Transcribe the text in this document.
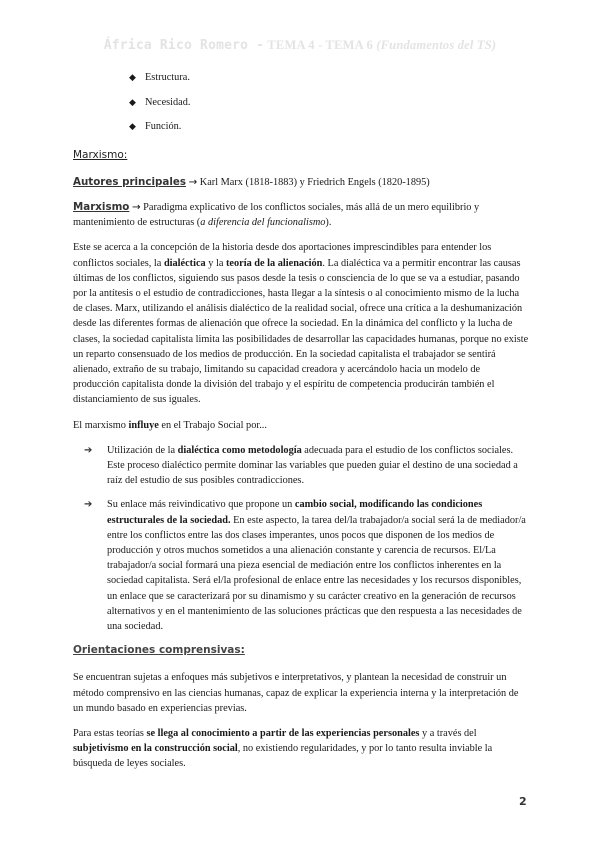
África Rico Romero - TEMA 4 - TEMA 6 (Fundamentos del TS)
◆ Estructura.
◆ Necesidad.
◆ Función.
Marxismo:
Autores principales → Karl Marx (1818-1883) y Friedrich Engels (1820-1895)

Marxismo → Paradigma explicativo de los conflictos sociales, más allá de un mero equilibrio y mantenimiento de estructuras (a diferencia del funcionalismo).

Este se acerca a la concepción de la historia desde dos aportaciones imprescindibles para entender los conflictos sociales, la dialéctica y la teoría de la alienación. La dialéctica va a permitir encontrar las causas últimas de los conflictos, siguiendo sus pasos desde la tesis o consciencia de lo que se va a estudiar, pasando por la antítesis o el estudio de contradicciones, hasta llegar a la síntesis o al conocimiento mismo de la lucha de clases. Marx, utilizando el análisis dialéctico de la realidad social, ofrece una crítica a la deshumanización desde las diferentes formas de alienación que ofrece la sociedad. En la dinámica del conflicto y la lucha de clases, la sociedad capitalista limita las posibilidades de desarrollar las capacidades humanas, porque no existe un reparto consensuado de los medios de producción. En la sociedad capitalista el trabajador se sentirá alienado, extraño de su trabajo, limitando su capacidad creadora y acercándolo hacia un modelo de producción capitalista donde la división del trabajo y el espíritu de competencia producirán también el distanciamiento de sus iguales.

El marxismo influye en el Trabajo Social por...

➔	Utilización de la dialéctica como metodología adecuada para el estudio de los conflictos sociales. Este proceso dialéctico permite dominar las variables que pueden guiar el destino de una sociedad a raíz del estudio de sus posibles contradicciones.
➔	Su enlace más reivindicativo que propone un cambio social, modificando las condiciones estructurales de la sociedad. En este aspecto, la tarea del/la trabajador/a social será la de mediador/a entre los conflictos entre las dos clases imperantes, unos pocos que disponen de los medios de producción y otros muchos sometidos a una alienación constante y carencia de recursos. El/La trabajador/a social formará una pieza esencial de mediación entre los conflictos inherentes en la sociedad capitalista. Será el/la profesional de enlace entre las necesidades y los recursos disponibles, un enlace que se caracterizará por su dinamismo y su carácter creativo en la generación de recursos alternativos y en el mantenimiento de las soluciones prácticas que den respuesta a las necesidades de una sociedad.
Orientaciones comprensivas:

Se encuentran sujetas a enfoques más subjetivos e interpretativos, y plantean la necesidad de construir un método comprensivo en las ciencias humanas, capaz de explicar la experiencia interna y la interpretación de un mundo basado en experiencias previas.

Para estas teorías se llega al conocimiento a partir de las experiencias personales y a través del subjetivismo en la construcción social, no existiendo regularidades, y por lo tanto resulta inviable la búsqueda de leyes sociales.

2
